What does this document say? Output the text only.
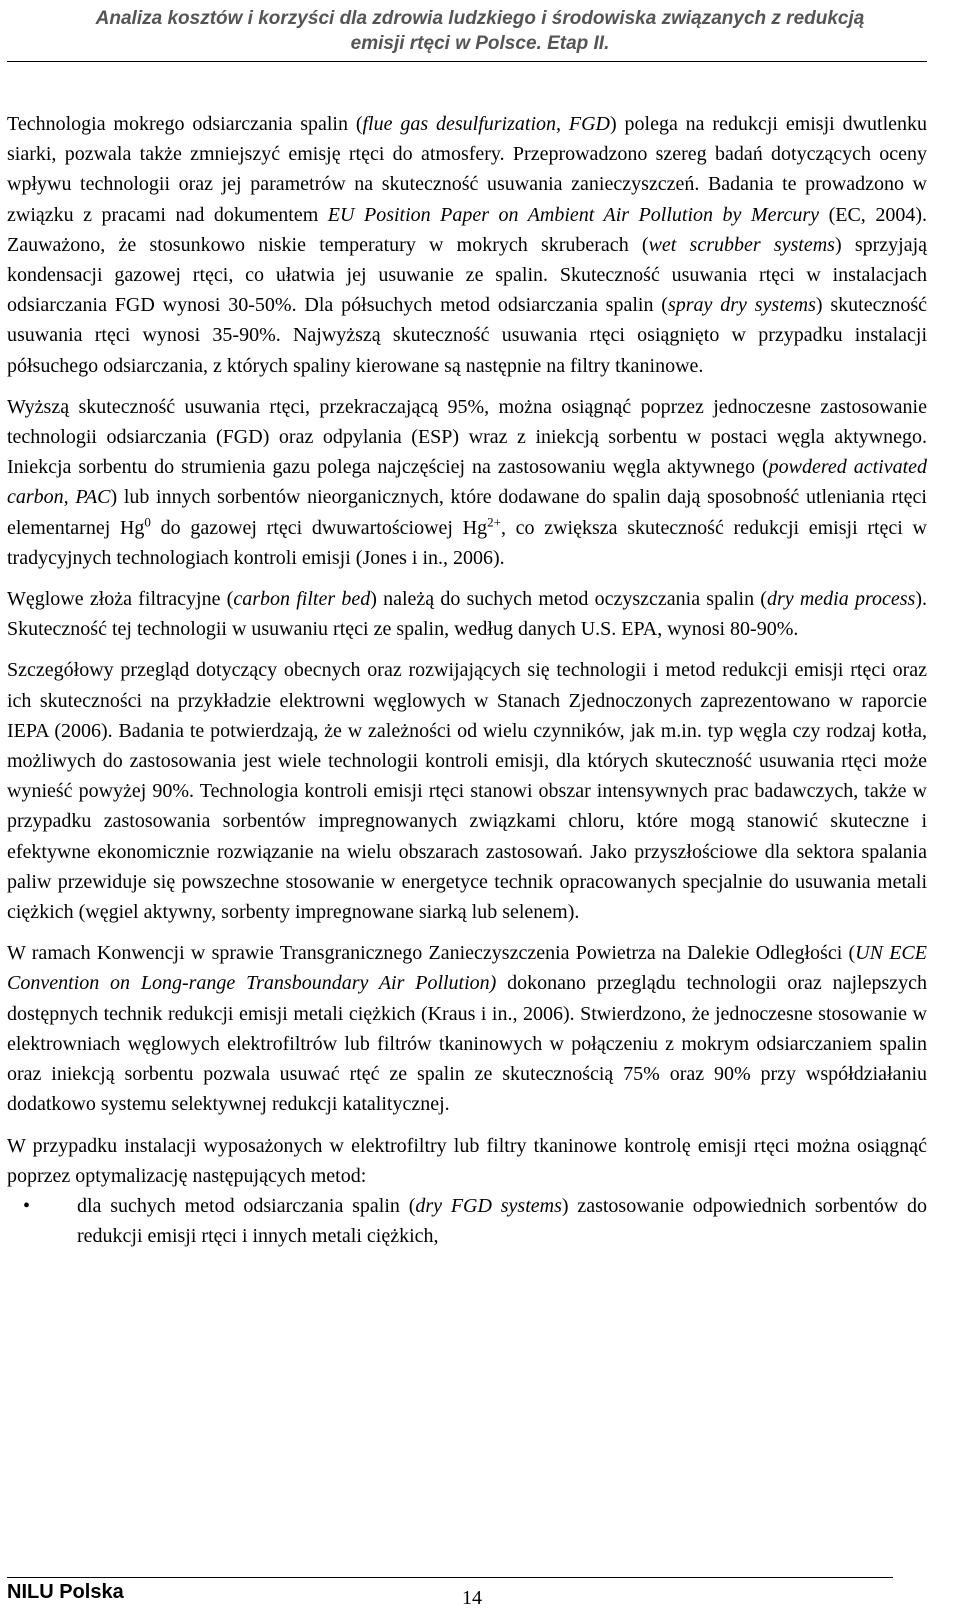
Analiza kosztów i korzyści dla zdrowia ludzkiego i środowiska związanych z redukcją
emisji rtęci w Polsce. Etap II.

Technologia mokrego odsiarczania spalin (flue gas desulfurization, FGD) polega na redukcji emisji dwutlenku siarki, pozwala także zmniejszyć emisję rtęci do atmosfery. Przeprowadzono szereg badań dotyczących oceny wpływu technologii oraz jej parametrów na skuteczność usuwania zanieczyszczeń. Badania te prowadzono w związku z pracami nad dokumentem EU Position Paper on Ambient Air Pollution by Mercury (EC, 2004). Zauważono, że stosunkowo niskie temperatury w mokrych skruberach (wet scrubber systems) sprzyjają kondensacji gazowej rtęci, co ułatwia jej usuwanie ze spalin. Skuteczność usuwania rtęci w instalacjach odsiarczania FGD wynosi 30-50%. Dla półsuchych metod odsiarczania spalin (spray dry systems) skuteczność usuwania rtęci wynosi 35-90%. Najwyższą skuteczność usuwania rtęci osiągnięto w przypadku instalacji półsuchego odsiarczania, z których spaliny kierowane są następnie na filtry tkaninowe.

Wyższą skuteczność usuwania rtęci, przekraczającą 95%, można osiągnąć poprzez jednoczesne zastosowanie technologii odsiarczania (FGD) oraz odpylania (ESP) wraz z iniekcją sorbentu w postaci węgla aktywnego. Iniekcja sorbentu do strumienia gazu polega najczęściej na zastosowaniu węgla aktywnego (powdered activated carbon, PAC) lub innych sorbentów nieorganicznych, które dodawane do spalin dają sposobność utleniania rtęci elementarnej Hg$^0$ do gazowej rtęci dwuwartościowej $Hg^{2+}$, co zwiększa skuteczność redukcji emisji rtęci w tradycyjnych technologiach kontroli emisji (Jones i in., 2006).

Węglowe złoża filtracyjne (carbon filter bed) należą do suchych metod oczyszczania spalin (dry media process). Skuteczność tej technologii w usuwaniu rtęci ze spalin, według danych U.S. EPA, wynosi 80-90%.

Szczegółowy przegląd dotyczący obecnych oraz rozwijających się technologii i metod redukcji emisji rtęci oraz ich skuteczności na przykładzie elektrowni węglowych w Stanach Zjednoczonych zaprezentowano w raporcie IEPA (2006). Badania te potwierdzają, że w zależności od wielu czynników, jak m.in. typ węgla czy rodzaj kotła, możliwych do zastosowania jest wiele technologii kontroli emisji, dla których skuteczność usuwania rtęci może wynieść powyżej 90%. Technologia kontroli emisji rtęci stanowi obszar intensywnych prac badawczych, także w przypadku zastosowania sorbentów impregnowanych związkami chloru, które mogą stanowić skuteczne i efektywne ekonomicznie rozwiązanie na wielu obszarach zastosowań. Jako przyszłościowe dla sektora spalania paliw przewiduje się powszechne stosowanie w energetyce technik opracowanych specjalnie do usuwania metali ciężkich (węgiel aktywny, sorbenty impregnowane siarką lub selenem).

W ramach Konwencji w sprawie Transgranicznego Zanieczyszczenia Powietrza na Dalekie Odległości (UN ECE Convention on Long-range Transboundary Air Pollution) dokonano przeglądu technologii oraz najlepszych dostępnych technik redukcji emisji metali ciężkich (Kraus i in., 2006). Stwierdzono, że jednoczesne stosowanie w elektrowniach węglowych elektrofiltrów lub filtrów tkaninowych w połączeniu z mokrym odsiarczaniem spalin oraz iniekcją sorbentu pozwala usuwać rtęć ze spalin ze skutecznością 75% oraz 90% przy współdziałaniu dodatkowo systemu selektywnej redukcji katalitycznej.

W przypadku instalacji wyposażonych w elektrofiltry lub filtry tkaninowe kontrolę emisji rtęci można osiągnąć poprzez optymalizację następujących metod:

• dla suchych metod odsiarczania spalin (dry FGD systems) zastosowanie odpowiednich sorbentów do redukcji emisji rtęci i innych metali ciężkich,
NILU Polska	14
